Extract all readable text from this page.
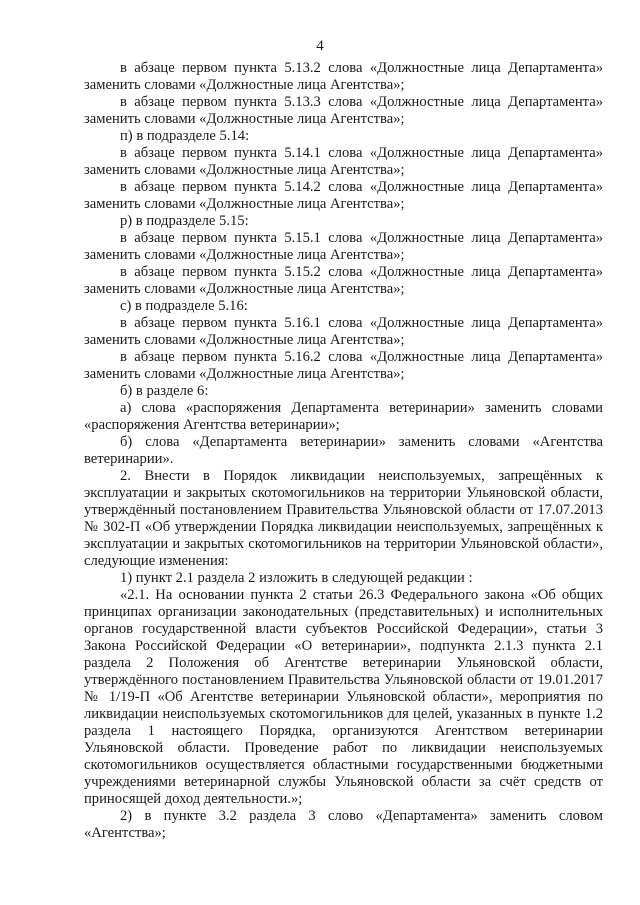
4

в абзаце первом пункта 5.13.2 слова «Должностные лица Департамента» заменить словами «Должностные лица Агентства»;

в абзаце первом пункта 5.13.3 слова «Должностные лица Департамента» заменить словами «Должностные лица Агентства»;

п) в подразделе 5.14:

в абзаце первом пункта 5.14.1 слова «Должностные лица Департамента» заменить словами «Должностные лица Агентства»;

в абзаце первом пункта 5.14.2 слова «Должностные лица Департамента» заменить словами «Должностные лица Агентства»;

р) в подразделе 5.15:

в абзаце первом пункта 5.15.1 слова «Должностные лица Департамента» заменить словами «Должностные лица Агентства»;

в абзаце первом пункта 5.15.2 слова «Должностные лица Департамента» заменить словами «Должностные лица Агентства»;

с) в подразделе 5.16:

в абзаце первом пункта 5.16.1 слова «Должностные лица Департамента» заменить словами «Должностные лица Агентства»;

в абзаце первом пункта 5.16.2 слова «Должностные лица Департамента» заменить словами «Должностные лица Агентства»;

б) в разделе 6:

а) слова «распоряжения Департамента ветеринарии» заменить словами «распоряжения Агентства ветеринарии»;

б) слова «Департамента ветеринарии» заменить словами «Агентства ветеринарии».

2. Внести в Порядок ликвидации неиспользуемых, запрещённых к эксплуатации и закрытых скотомогильников на территории Ульяновской области, утверждённый постановлением Правительства Ульяновской области от 17.07.2013 № 302-П «Об утверждении Порядка ликвидации неиспользуемых, запрещённых к эксплуатации и закрытых скотомогильников на территории Ульяновской области», следующие изменения:

1) пункт 2.1 раздела 2 изложить в следующей редакции :

«2.1. На основании пункта 2 статьи 26.3 Федерального закона «Об общих принципах организации законодательных (представительных) и исполнительных органов государственной власти субъектов Российской Федерации», статьи 3 Закона Российской Федерации «О ветеринарии», подпункта 2.1.3 пункта 2.1 раздела 2 Положения об Агентстве ветеринарии Ульяновской области, утверждённого постановлением Правительства Ульяновской области от 19.01.2017 № 1/19-П «Об Агентстве ветеринарии Ульяновской области», мероприятия по ликвидации неиспользуемых скотомогильников для целей, указанных в пункте 1.2 раздела 1 настоящего Порядка, организуются Агентством ветеринарии Ульяновской области. Проведение работ по ликвидации неиспользуемых скотомогильников осуществляется областными государственными бюджетными учреждениями ветеринарной службы Ульяновской области за счёт средств от приносящей доход деятельности.»;

2) в пункте 3.2 раздела 3 слово «Департамента» заменить словом «Агентства»;
